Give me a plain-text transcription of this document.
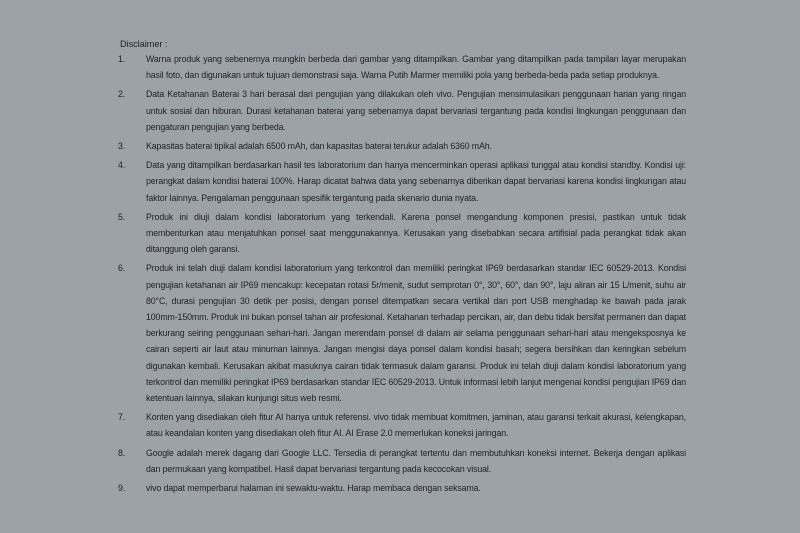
Disclaimer :
1.	Warna produk yang sebenernya mungkin berbeda dari gambar yang ditampilkan. Gambar yang ditampilkan pada tampilan layar merupakan hasil foto, dan digunakan untuk tujuan demonstrasi saja. Warna Putih Marmer memiliki pola yang berbeda-beda pada setiap produknya.
2.	Data Ketahanan Baterai 3 hari berasal dari pengujian yang dilakukan oleh vivo. Pengujian mensimulasikan penggunaan harian yang ringan untuk sosial dan hiburan. Durasi ketahanan baterai yang sebenarnya dapat bervariasi tergantung pada kondisi lingkungan penggunaan dan pengaturan pengujian yang berbeda.
3.	Kapasitas baterai tipikal adalah 6500 mAh, dan kapasitas baterai terukur adalah 6360 mAh.
4.	Data yang ditampilkan berdasarkan hasil tes laboratorium dan hanya mencerminkan operasi aplikasi tunggal atau kondisi standby. Kondisi uji: perangkat dalam kondisi baterai 100%. Harap dicatat bahwa data yang sebenarnya diberikan dapat bervariasi karena kondisi lingkungan atau faktor lainnya. Pengalaman penggunaan spesifik tergantung pada skenario dunia nyata.
5.	Produk ini diuji dalam kondisi laboratorium yang terkendali. Karena ponsel mengandung komponen presisi, pastikan untuk tidak membenturkan atau menjatuhkan ponsel saat menggunakannya. Kerusakan yang disebabkan secara artifisial pada perangkat tidak akan ditanggung oleh garansi.
6.	Produk ini telah diuji dalam kondisi laboratorium yang terkontrol dan memiliki peringkat IP69 berdasarkan standar IEC 60529-2013. Kondisi pengujian ketahanan air IP69 mencakup: kecepatan rotasi 5r/menit, sudut semprotan 0°, 30°, 60°, dan 90°, laju aliran air 15 L/menit, suhu air 80°C, durasi pengujian 30 detik per posisi, dengan ponsel ditempatkan secara vertikal dan port USB menghadap ke bawah pada jarak 100mm-150mm. Produk ini bukan ponsel tahan air profesional. Ketahanan terhadap percikan, air, dan debu tidak bersifat permanen dan dapat berkurang seiring penggunaan sehari-hari. Jangan merendam ponsel di dalam air selama penggunaan sehari-hari atau mengeksposnya ke cairan seperti air laut atau minuman lainnya. Jangan mengisi daya ponsel dalam kondisi basah; segera bersihkan dan keringkan sebelum digunakan kembali. Kerusakan akibat masuknya cairan tidak termasuk dalam garansi. Produk ini telah diuji dalam kondisi laboratorium yang terkontrol dan memiliki peringkat IP69 berdasarkan standar IEC 60529-2013. Untuk informasi lebih lanjut mengenai kondisi pengujian IP69 dan ketentuan lainnya, silakan kunjungi situs web resmi.
7.	Konten yang disediakan oleh fitur AI hanya untuk referensi. vivo tidak membuat komitmen, jaminan, atau garansi terkait akurasi, kelengkapan, atau keandalan konten yang disediakan oleh fitur AI. AI Erase 2.0 memerlukan koneksi jaringan.
8.	Google adalah merek dagang dari Google LLC. Tersedia di perangkat tertentu dan membutuhkan koneksi internet. Bekerja dengan aplikasi dan permukaan yang kompatibel. Hasil dapat bervariasi tergantung pada kecocokan visual.
9.	vivo dapat memperbarui halaman ini sewaktu-waktu. Harap membaca dengan seksama.
